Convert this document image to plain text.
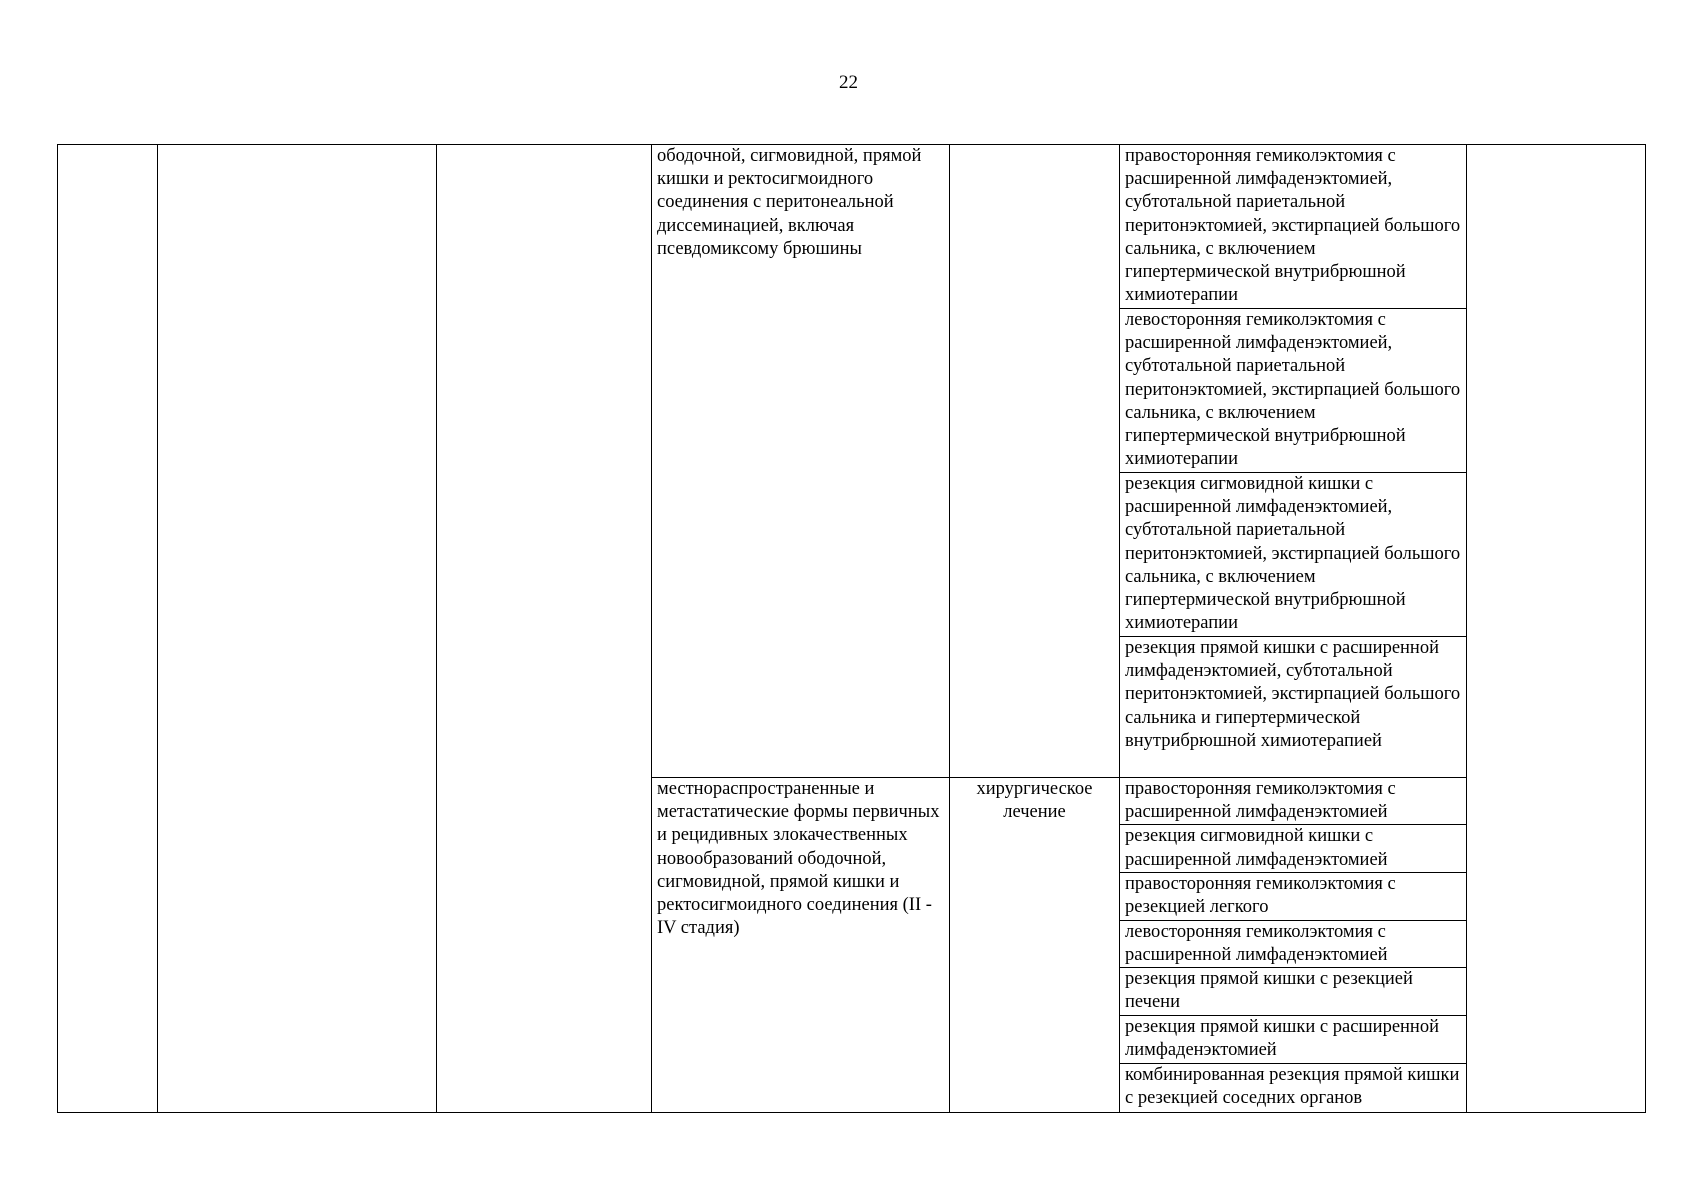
22
			ободочной, сигмовидной, прямой кишки и ректосигмоидного соединения с перитонеальной диссеминацией, включая псевдомиксому брюшины		правосторонняя гемиколэктомия с расширенной лимфаденэктомией, субтотальной париетальной перитонэктомией, экстирпацией большого сальника, с включением гипертермической внутрибрюшной химиотерапии	
					левосторонняя гемиколэктомия с расширенной лимфаденэктомией, субтотальной париетальной перитонэктомией, экстирпацией большого сальника, с включением гипертермической внутрибрюшной химиотерапии	
					резекция сигмовидной кишки с расширенной лимфаденэктомией, субтотальной париетальной перитонэктомией, экстирпацией большого сальника, с включением гипертермической внутрибрюшной химиотерапии	
					резекция прямой кишки с расширенной лимфаденэктомией, субтотальной перитонэктомией, экстирпацией большого сальника и гипертермической внутрибрюшной химиотерапией	
			местнораспространенные и метастатические формы первичных и рецидивных злокачественных новообразований ободочной, сигмовидной, прямой кишки и ректосигмоидного соединения (II - IV стадия)	хирургическое лечение	правосторонняя гемиколэктомия с расширенной лимфаденэктомией	
					резекция сигмовидной кишки с расширенной лимфаденэктомией	
					правосторонняя гемиколэктомия с резекцией легкого	
					левосторонняя гемиколэктомия с расширенной лимфаденэктомией	
					резекция прямой кишки с резекцией печени	
					резекция прямой кишки с расширенной лимфаденэктомией	
					комбинированная резекция прямой кишки с резекцией соседних органов	
